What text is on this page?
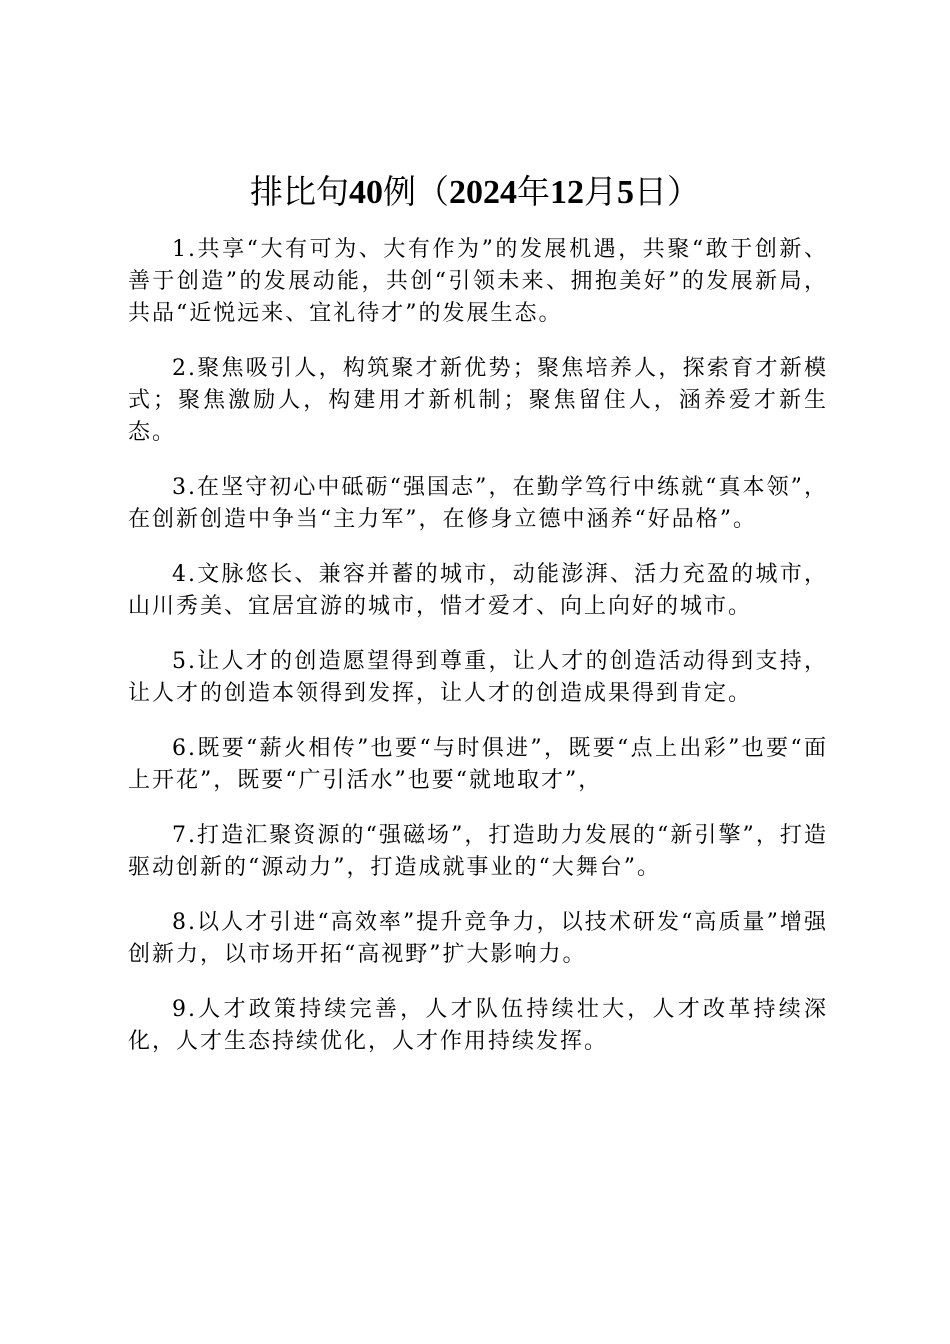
排比句40例（2024年12月5日）

1.共享“大有可为、大有作为”的发展机遇，共聚“敢于创新、善于创造”的发展动能，共创“引领未来、拥抱美好”的发展新局，共品“近悦远来、宜礼待才”的发展生态。

2.聚焦吸引人，构筑聚才新优势；聚焦培养人，探索育才新模式；聚焦激励人，构建用才新机制；聚焦留住人，涵养爱才新生态。

3.在坚守初心中砥砺“强国志”，在勤学笃行中练就“真本领”，在创新创造中争当“主力军”，在修身立德中涵养“好品格”。

4.文脉悠长、兼容并蓄的城市，动能澎湃、活力充盈的城市，山川秀美、宜居宜游的城市，惜才爱才、向上向好的城市。

5.让人才的创造愿望得到尊重，让人才的创造活动得到支持，让人才的创造本领得到发挥，让人才的创造成果得到肯定。

6.既要“薪火相传”也要“与时俱进”，既要“点上出彩”也要“面上开花”，既要“广引活水”也要“就地取才”，

7.打造汇聚资源的“强磁场”，打造助力发展的“新引擎”，打造驱动创新的“源动力”，打造成就事业的“大舞台”。

8.以人才引进“高效率”提升竞争力，以技术研发“高质量”增强创新力，以市场开拓“高视野”扩大影响力。

9.人才政策持续完善，人才队伍持续壮大，人才改革持续深化，人才生态持续优化，人才作用持续发挥。
